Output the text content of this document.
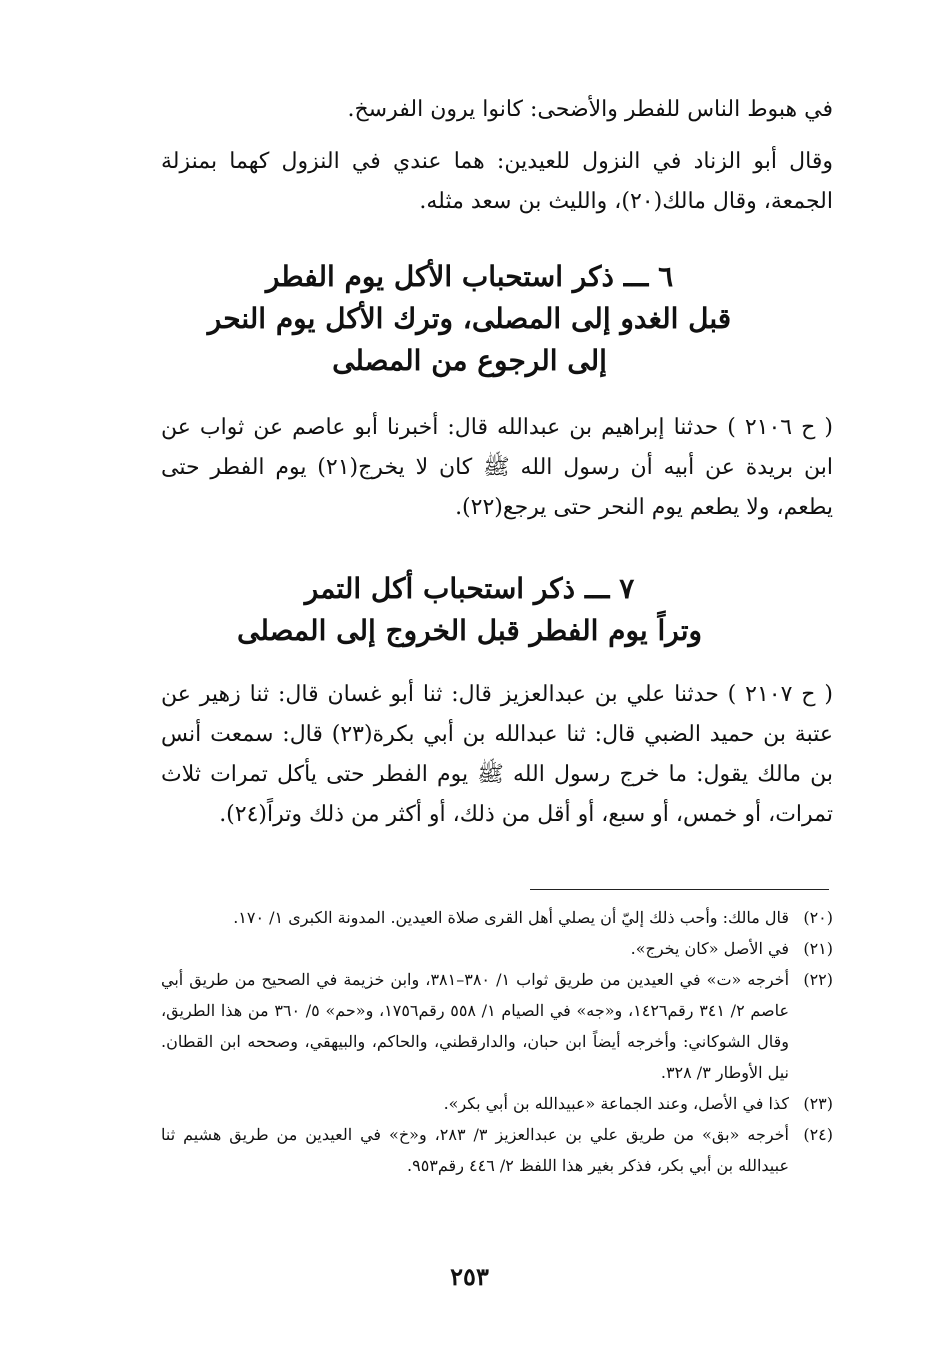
في هبوط الناس للفطر والأضحى: كانوا يرون الفرسخ.
وقال أبو الزناد في النزول للعيدين: هما عندي في النزول كهما بمنزلة الجمعة، وقال مالك(٢٠)، والليث بن سعد مثله.
٦ ـــ ذكر استحباب الأكل يوم الفطر
قبل الغدو إلى المصلى، وترك الأكل يوم النحر
إلى الرجوع من المصلى
( ح ٢١٠٦ ) حدثنا إبراهيم بن عبدالله قال: أخبرنا أبو عاصم عن ثواب عن ابن بريدة عن أبيه أن رسول الله ﷺ كان لا يخرج(٢١) يوم الفطر حتى يطعم، ولا يطعم يوم النحر حتى يرجع(٢٢).
٧ ـــ ذكر استحباب أكل التمر
وتراً يوم الفطر قبل الخروج إلى المصلى
( ح ٢١٠٧ ) حدثنا علي بن عبدالعزيز قال: ثنا أبو غسان قال: ثنا زهير عن عتبة بن حميد الضبي قال: ثنا عبدالله بن أبي بكرة(٢٣) قال: سمعت أنس بن مالك يقول: ما خرج رسول الله ﷺ يوم الفطر حتى يأكل تمرات ثلاث تمرات، أو خمس، أو سبع، أو أقل من ذلك، أو أكثر من ذلك وتراً(٢٤).
(٢٠)
قال مالك: وأحب ذلك إليّ أن يصلي أهل القرى صلاة العيدين. المدونة الكبرى ١/ ١٧٠.
(٢١)
في الأصل «كان يخرج».
(٢٢)
أخرجه «ت» في العيدين من طريق ثواب ١/ ٣٨٠–٣٨١، وابن خزيمة في الصحيح من طريق أبي عاصم ٢/ ٣٤١ رقم١٤٢٦، و«جه» في الصيام ١/ ٥٥٨ رقم١٧٥٦، و«حم» ٥/ ٣٦٠ من هذا الطريق، وقال الشوكاني: وأخرجه أيضاً ابن حبان، والدارقطني، والحاكم، والبيهقي، وصححه ابن القطان. نيل الأوطار ٣/ ٣٢٨.
(٢٣)
كذا في الأصل، وعند الجماعة «عبيدالله بن أبي بكر».
(٢٤)
أخرجه «بق» من طريق علي بن عبدالعزيز ٣/ ٢٨٣، و«خ» في العيدين من طريق هشيم ثنا عبيدالله بن أبي بكر، فذكر بغير هذا اللفظ ٢/ ٤٤٦ رقم٩٥٣.
٢٥٣
